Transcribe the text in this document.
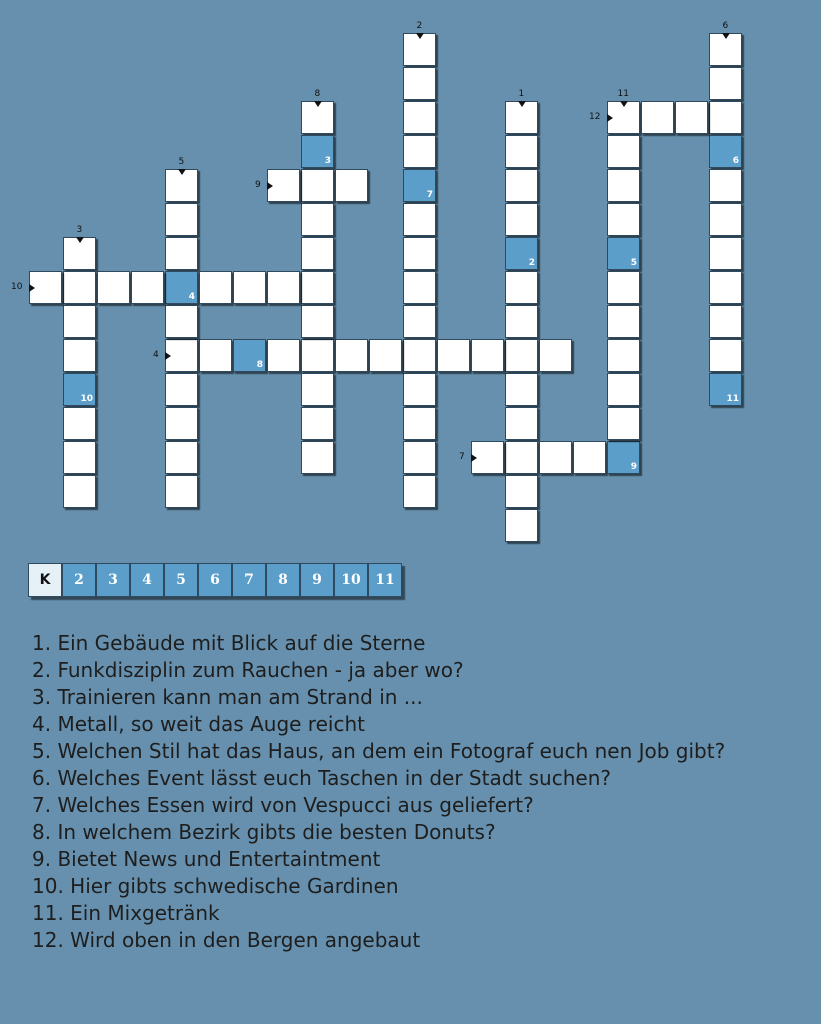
2
7
10
8
4
6
11
9
3
5
1
2
3
4
5
6
7
8
9
10
11
12
K	2	3	4	5	6	7	8	9	10	11
1. Ein Gebäude mit Blick auf die Sterne
2. Funkdisziplin zum Rauchen - ja aber wo?
3. Trainieren kann man am Strand in ...
4. Metall, so weit das Auge reicht
5. Welchen Stil hat das Haus, an dem ein Fotograf euch nen Job gibt?
6. Welches Event lässt euch Taschen in der Stadt suchen?
7. Welches Essen wird von Vespucci aus geliefert?
8. In welchem Bezirk gibts die besten Donuts?
9. Bietet News und Entertaintment
10. Hier gibts schwedische Gardinen
11. Ein Mixgetränk
12. Wird oben in den Bergen angebaut
